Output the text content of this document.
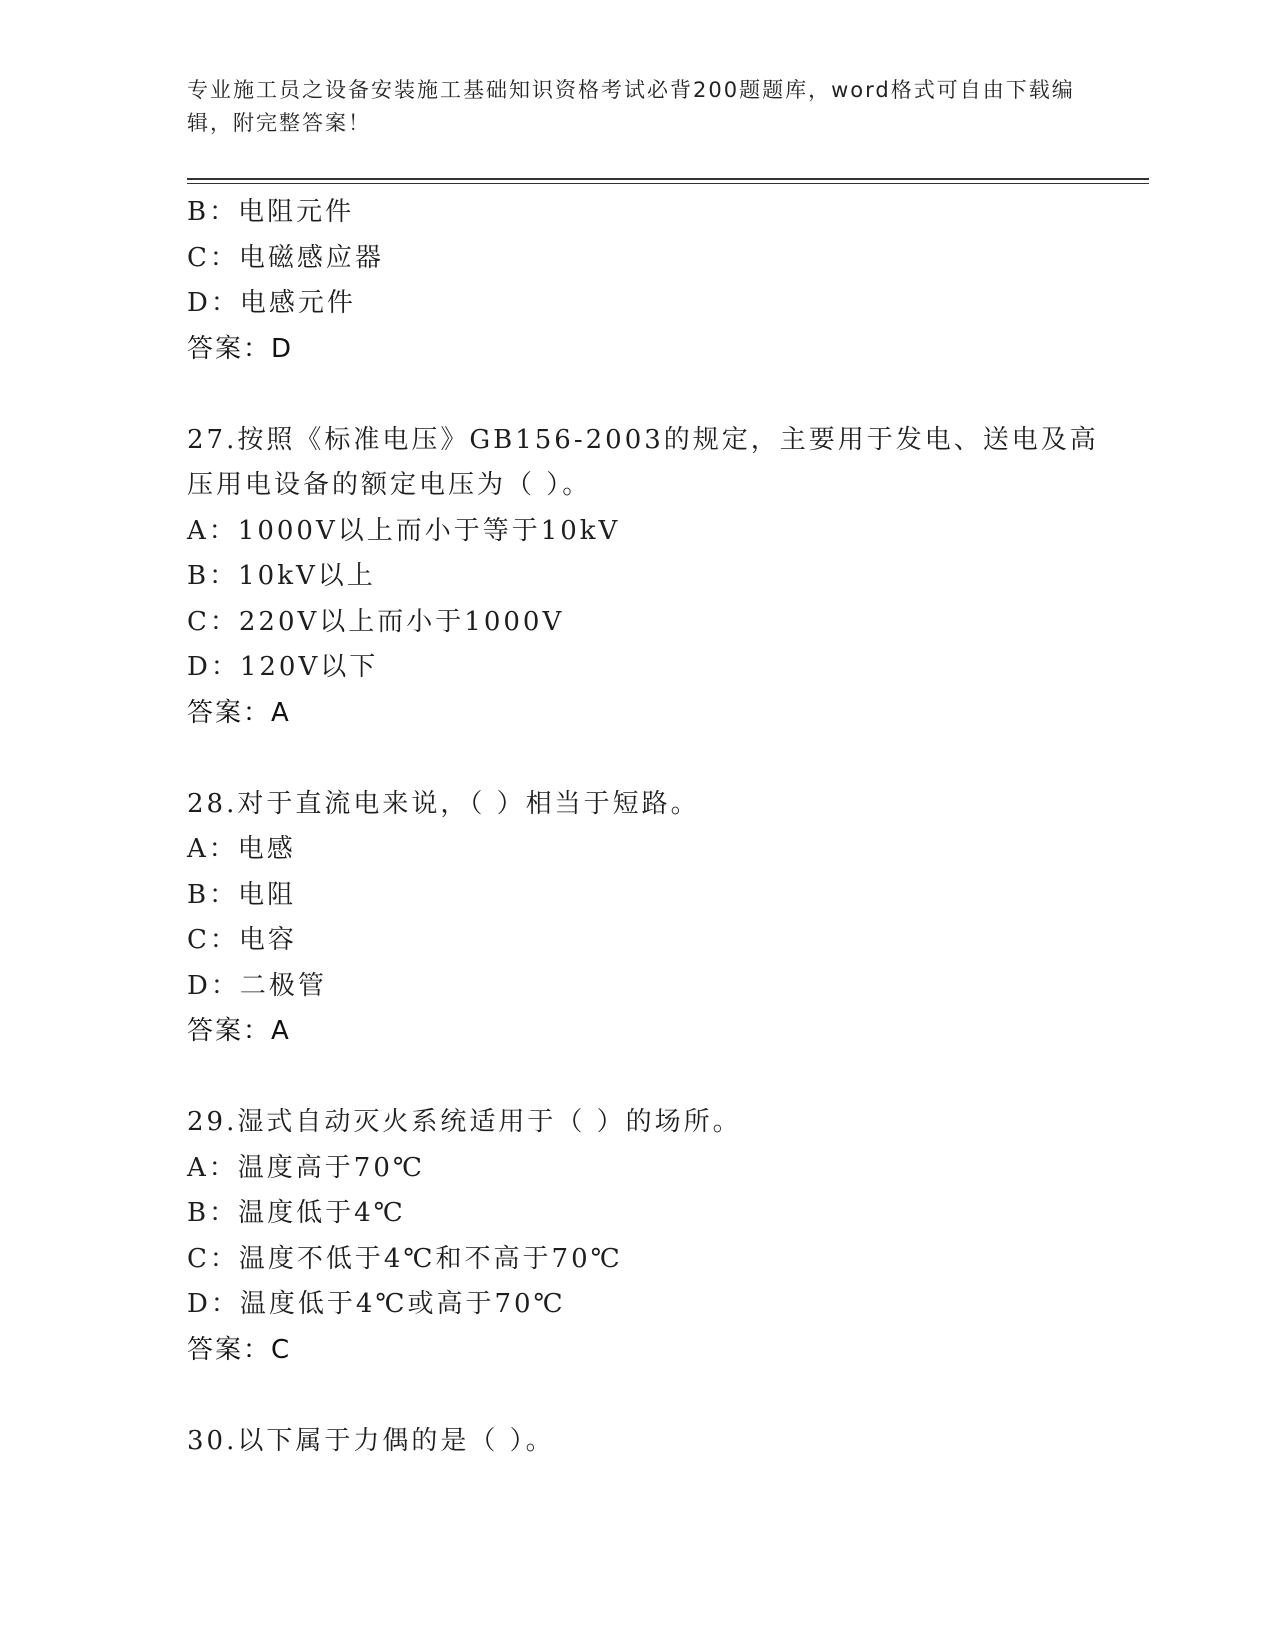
专业施工员之设备安装施工基础知识资格考试必背200题题库，word格式可自由下载编辑，附完整答案！
B：电阻元件
C：电磁感应器
D：电感元件
答案：D
27.按照《标准电压》GB156-2003的规定，主要用于发电、送电及高压用电设备的额定电压为（ ）。
A：1000V以上而小于等于10kV
B：10kV以上
C：220V以上而小于1000V
D：120V以下
答案：A
28.对于直流电来说，（ ）相当于短路。
A：电感
B：电阻
C：电容
D：二极管
答案：A
29.湿式自动灭火系统适用于（ ）的场所。
A：温度高于70℃
B：温度低于4℃
C：温度不低于4℃和不高于70℃
D：温度低于4℃或高于70℃
答案：C
30.以下属于力偶的是（ ）。
